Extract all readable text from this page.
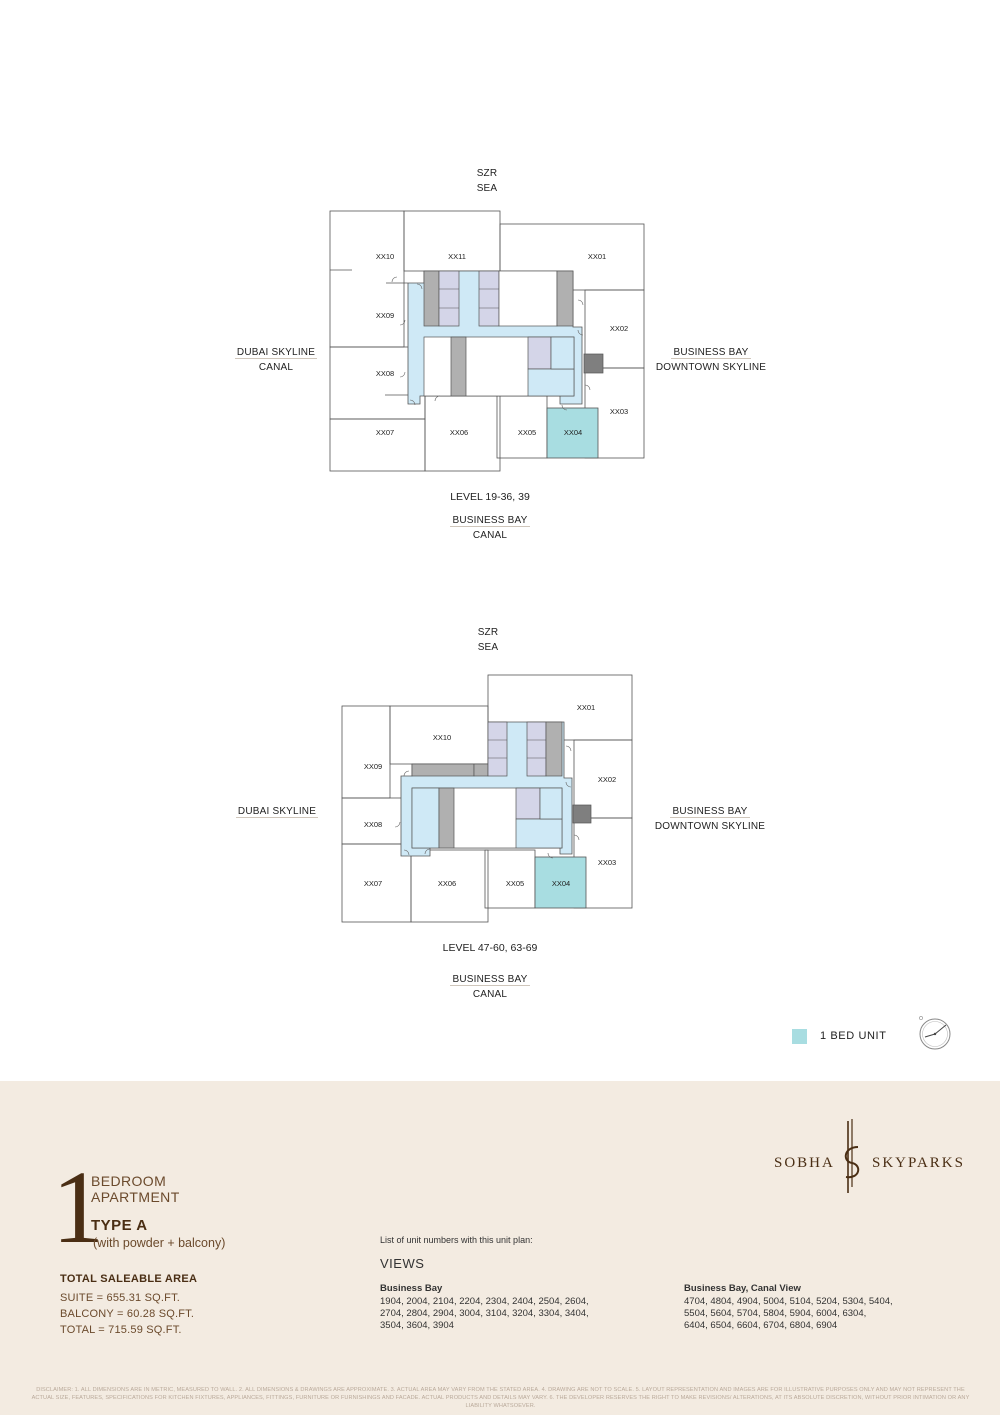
SZR
SEA
DUBAI SKYLINE
CANAL
BUSINESS BAY
DOWNTOWN SKYLINE
XX10	XX11	XX01
XX09
XX02
XX08
XX03
XX07	XX06	XX05	XX04
LEVEL 19-36, 39
BUSINESS BAY
CANAL
SZR
SEA
DUBAI SKYLINE	BUSINESS BAY
DOWNTOWN SKYLINE
XX01
XX10
XX09
XX02
XX08
XX03
XX07	XX06	XX05	XX04
LEVEL 47-60, 63-69
BUSINESS BAY
CANAL
1 BED UNIT
SOBHA SKYPARKS
1
BEDROOM
APARTMENT
TYPE A
(with powder + balcony)
TOTAL SALEABLE AREA
SUITE = 655.31 SQ.FT.
BALCONY = 60.28 SQ.FT.
TOTAL = 715.59 SQ.FT.
List of unit numbers with this unit plan:
VIEWS
Business Bay
1904, 2004, 2104, 2204, 2304, 2404, 2504, 2604,
2704, 2804, 2904, 3004, 3104, 3204, 3304, 3404,
3504, 3604, 3904
Business Bay, Canal View
4704, 4804, 4904, 5004, 5104, 5204, 5304, 5404,
5504, 5604, 5704, 5804, 5904, 6004, 6304,
6404, 6504, 6604, 6704, 6804, 6904
DISCLAIMER: 1. ALL DIMENSIONS ARE IN METRIC, MEASURED TO WALL. 2. ALL DIMENSIONS & DRAWINGS ARE APPROXIMATE. 3. ACTUAL AREA MAY VARY FROM THE STATED AREA. 4. DRAWING ARE NOT TO SCALE. 5. LAYOUT REPRESENTATION AND IMAGES ARE FOR ILLUSTRATIVE PURPOSES ONLY AND MAY NOT REPRESENT THE ACTUAL SIZE, FEATURES, SPECIFICATIONS FOR KITCHEN FIXTURES, APPLIANCES, FITTINGS, FURNITURE OR FURNISHINGS AND FACADE. ACTUAL PRODUCTS AND DETAILS MAY VARY. 6. THE DEVELOPER RESERVES THE RIGHT TO MAKE REVISIONS/ ALTERATIONS, AT ITS ABSOLUTE DISCRETION, WITHOUT PRIOR INTIMATION OR ANY LIABILITY WHATSOEVER.
